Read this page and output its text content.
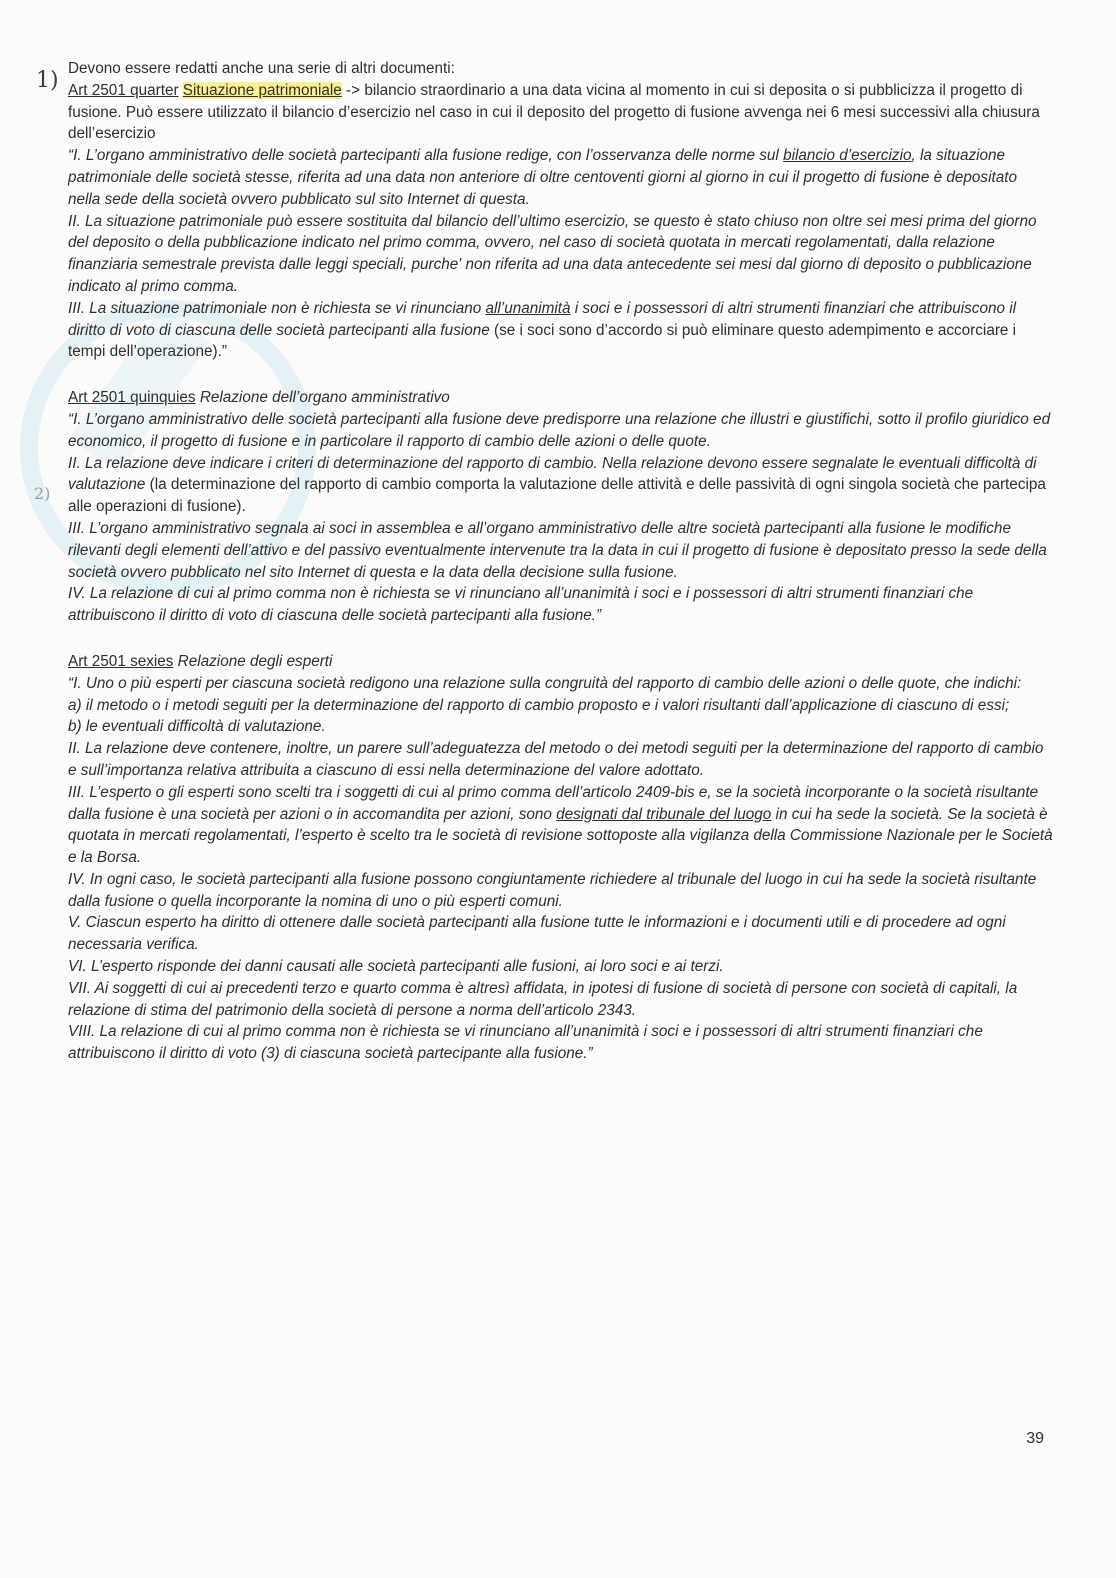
1)
2)

Devono essere redatti anche una serie di altri documenti:

Art 2501 quarter Situazione patrimoniale -> bilancio straordinario a una data vicina al momento in cui si deposita o si pubblicizza il progetto di fusione. Può essere utilizzato il bilancio d’esercizio nel caso in cui il deposito del progetto di fusione avvenga nei 6 mesi successivi alla chiusura dell’esercizio

“I. L’organo amministrativo delle società partecipanti alla fusione redige, con l’osservanza delle norme sul bilancio d’esercizio, la situazione patrimoniale delle società stesse, riferita ad una data non anteriore di oltre centoventi giorni al giorno in cui il progetto di fusione è depositato nella sede della società ovvero pubblicato sul sito Internet di questa.

II. La situazione patrimoniale può essere sostituita dal bilancio dell’ultimo esercizio, se questo è stato chiuso non oltre sei mesi prima del giorno del deposito o della pubblicazione indicato nel primo comma, ovvero, nel caso di società quotata in mercati regolamentati, dalla relazione finanziaria semestrale prevista dalle leggi speciali, purche' non riferita ad una data antecedente sei mesi dal giorno di deposito o pubblicazione indicato al primo comma.

III. La situazione patrimoniale non è richiesta se vi rinunciano all’unanimità i soci e i possessori di altri strumenti finanziari che attribuiscono il diritto di voto di ciascuna delle società partecipanti alla fusione (se i soci sono d’accordo si può eliminare questo adempimento e accorciare i tempi dell’operazione).”

Art 2501 quinquies Relazione dell’organo amministrativo

“I. L’organo amministrativo delle società partecipanti alla fusione deve predisporre una relazione che illustri e giustifichi, sotto il profilo giuridico ed economico, il progetto di fusione e in particolare il rapporto di cambio delle azioni o delle quote.

II. La relazione deve indicare i criteri di determinazione del rapporto di cambio. Nella relazione devono essere segnalate le eventuali difficoltà di valutazione (la determinazione del rapporto di cambio comporta la valutazione delle attività e delle passività di ogni singola società che partecipa alle operazioni di fusione).

III. L’organo amministrativo segnala ai soci in assemblea e all’organo amministrativo delle altre società partecipanti alla fusione le modifiche rilevanti degli elementi dell’attivo e del passivo eventualmente intervenute tra la data in cui il progetto di fusione è depositato presso la sede della società ovvero pubblicato nel sito Internet di questa e la data della decisione sulla fusione.

IV. La relazione di cui al primo comma non è richiesta se vi rinunciano all’unanimità i soci e i possessori di altri strumenti finanziari che attribuiscono il diritto di voto di ciascuna delle società partecipanti alla fusione.”

Art 2501 sexies Relazione degli esperti

“I. Uno o più esperti per ciascuna società redigono una relazione sulla congruità del rapporto di cambio delle azioni o delle quote, che indichi:

a) il metodo o i metodi seguiti per la determinazione del rapporto di cambio proposto e i valori risultanti dall’applicazione di ciascuno di essi;

b) le eventuali difficoltà di valutazione.

II. La relazione deve contenere, inoltre, un parere sull’adeguatezza del metodo o dei metodi seguiti per la determinazione del rapporto di cambio e sull’importanza relativa attribuita a ciascuno di essi nella determinazione del valore adottato.

III. L’esperto o gli esperti sono scelti tra i soggetti di cui al primo comma dell’articolo 2409-bis e, se la società incorporante o la società risultante dalla fusione è una società per azioni o in accomandita per azioni, sono designati dal tribunale del luogo in cui ha sede la società. Se la società è quotata in mercati regolamentati, l’esperto è scelto tra le società di revisione sottoposte alla vigilanza della Commissione Nazionale per le Società e la Borsa.

IV. In ogni caso, le società partecipanti alla fusione possono congiuntamente richiedere al tribunale del luogo in cui ha sede la società risultante dalla fusione o quella incorporante la nomina di uno o più esperti comuni.

V. Ciascun esperto ha diritto di ottenere dalle società partecipanti alla fusione tutte le informazioni e i documenti utili e di procedere ad ogni necessaria verifica.

VI. L’esperto risponde dei danni causati alle società partecipanti alle fusioni, ai loro soci e ai terzi.

VII. Ai soggetti di cui ai precedenti terzo e quarto comma è altresì affidata, in ipotesi di fusione di società di persone con società di capitali, la relazione di stima del patrimonio della società di persone a norma dell’articolo 2343.

VIII. La relazione di cui al primo comma non è richiesta se vi rinunciano all’unanimità i soci e i possessori di altri strumenti finanziari che attribuiscono il diritto di voto (3) di ciascuna società partecipante alla fusione.”

39
